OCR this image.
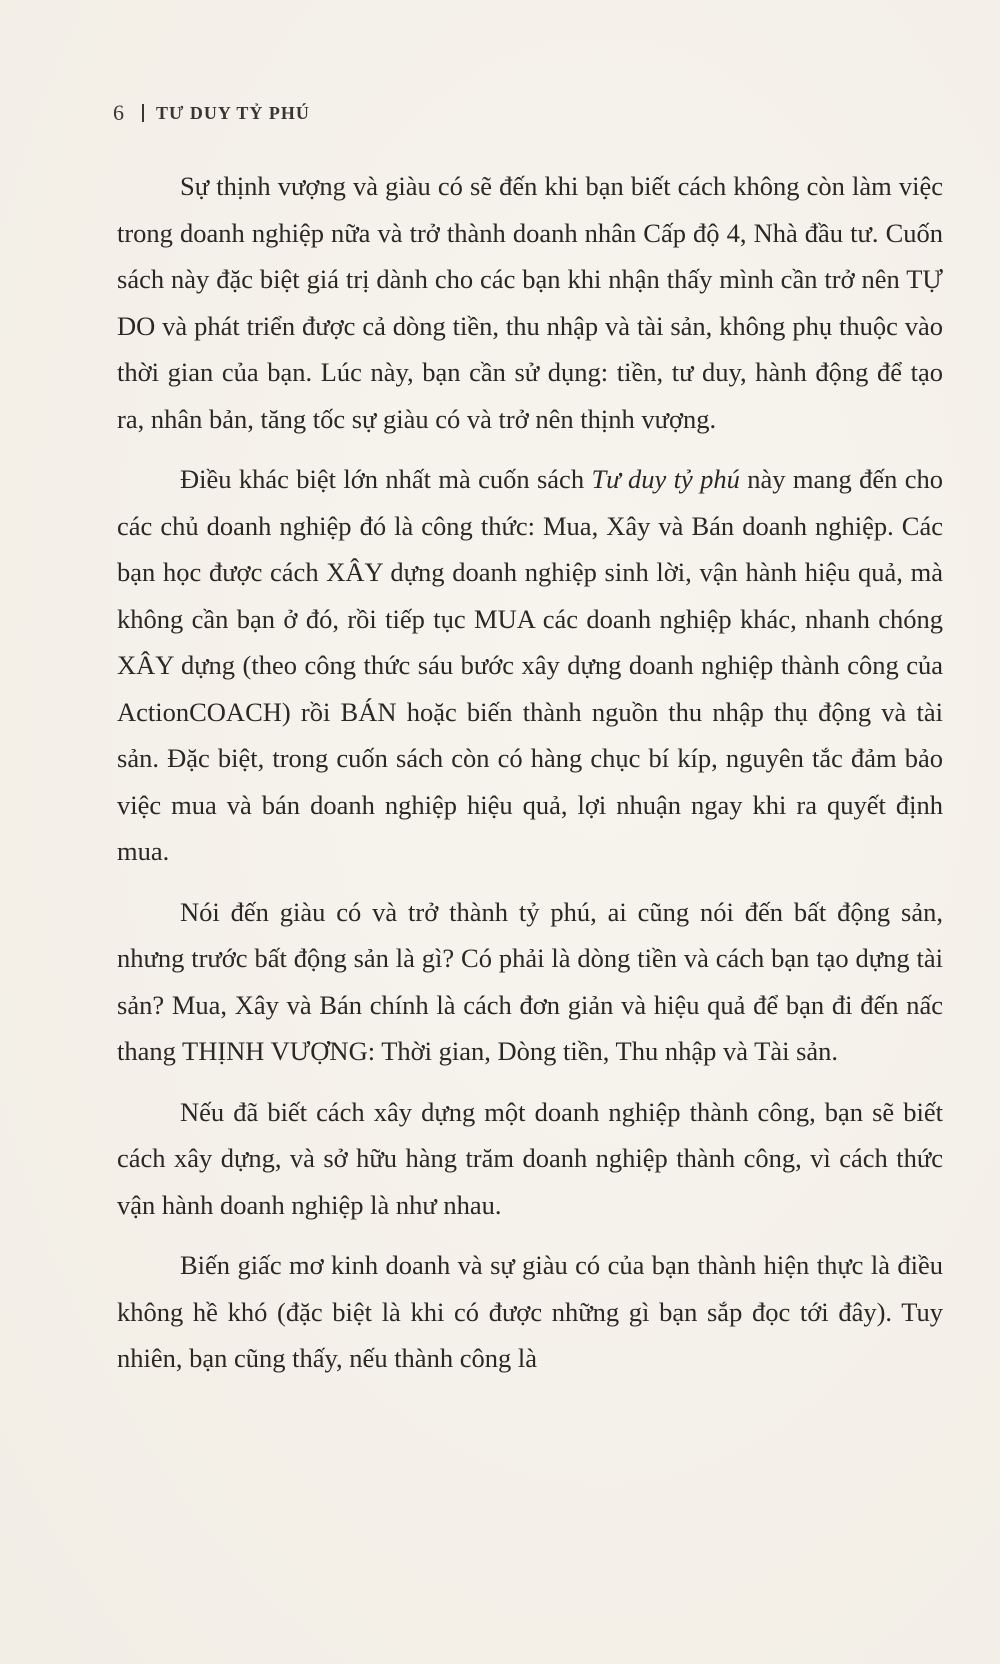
6 TƯ DUY TỶ PHÚ

Sự thịnh vượng và giàu có sẽ đến khi bạn biết cách không còn làm việc trong doanh nghiệp nữa và trở thành doanh nhân Cấp độ 4, Nhà đầu tư. Cuốn sách này đặc biệt giá trị dành cho các bạn khi nhận thấy mình cần trở nên TỰ DO và phát triển được cả dòng tiền, thu nhập và tài sản, không phụ thuộc vào thời gian của bạn. Lúc này, bạn cần sử dụng: tiền, tư duy, hành động để tạo ra, nhân bản, tăng tốc sự giàu có và trở nên thịnh vượng.

Điều khác biệt lớn nhất mà cuốn sách Tư duy tỷ phú này mang đến cho các chủ doanh nghiệp đó là công thức: Mua, Xây và Bán doanh nghiệp. Các bạn học được cách XÂY dựng doanh nghiệp sinh lời, vận hành hiệu quả, mà không cần bạn ở đó, rồi tiếp tục MUA các doanh nghiệp khác, nhanh chóng XÂY dựng (theo công thức sáu bước xây dựng doanh nghiệp thành công của ActionCOACH) rồi BÁN hoặc biến thành nguồn thu nhập thụ động và tài sản. Đặc biệt, trong cuốn sách còn có hàng chục bí kíp, nguyên tắc đảm bảo việc mua và bán doanh nghiệp hiệu quả, lợi nhuận ngay khi ra quyết định mua.

Nói đến giàu có và trở thành tỷ phú, ai cũng nói đến bất động sản, nhưng trước bất động sản là gì? Có phải là dòng tiền và cách bạn tạo dựng tài sản? Mua, Xây và Bán chính là cách đơn giản và hiệu quả để bạn đi đến nấc thang THỊNH VƯỢNG: Thời gian, Dòng tiền, Thu nhập và Tài sản.

Nếu đã biết cách xây dựng một doanh nghiệp thành công, bạn sẽ biết cách xây dựng, và sở hữu hàng trăm doanh nghiệp thành công, vì cách thức vận hành doanh nghiệp là như nhau.

Biến giấc mơ kinh doanh và sự giàu có của bạn thành hiện thực là điều không hề khó (đặc biệt là khi có được những gì bạn sắp đọc tới đây). Tuy nhiên, bạn cũng thấy, nếu thành công là
